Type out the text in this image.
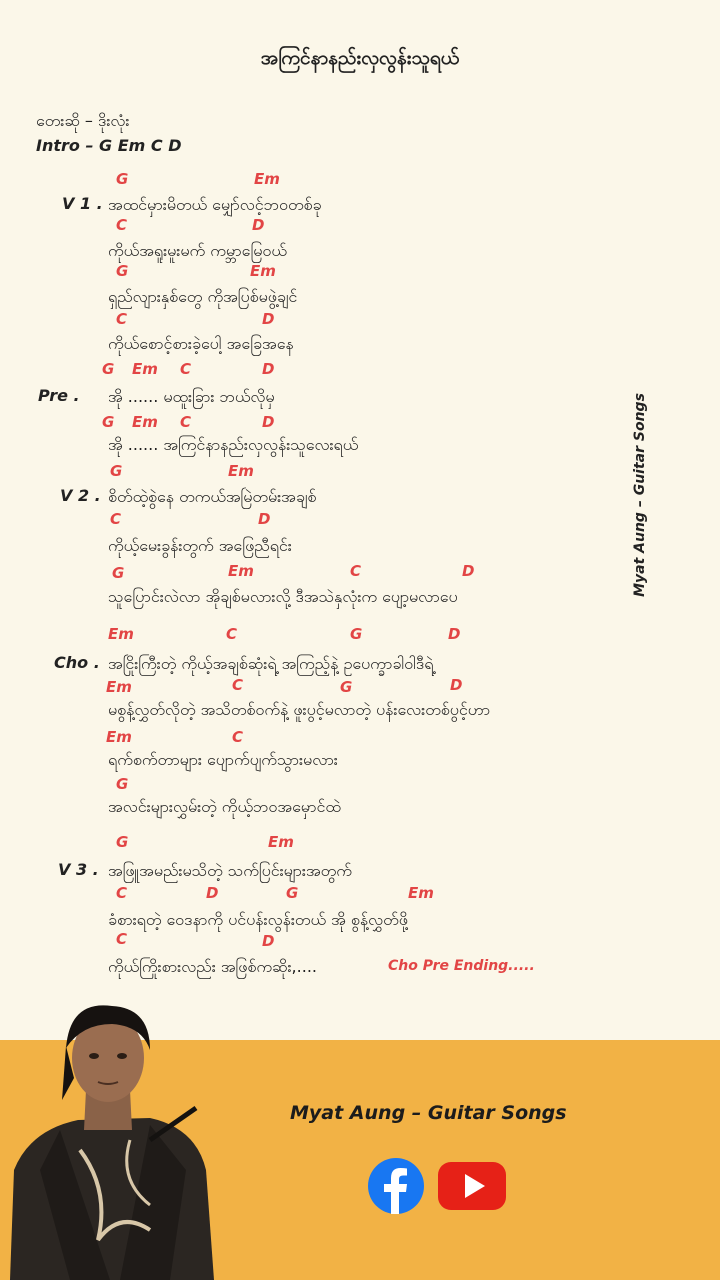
အကြင်နာနည်းလှလွန်းသူရယ်
တေးဆို – ဒိုးလုံး
Intro – G Em C D
G	Em
V 1 . အထင်မှားမိတယ် မျှော်လင့်ဘဝတစ်ခု
C	D
ကိုယ်အရူးမူးမက် ကမ္ဘာမြေဝယ်
G	Em
ရှည်လျားနှစ်တွေ ကိုအပြစ်မဖွဲ့ချင်
C	D
ကိုယ်စောင့်စားခဲ့ပေါ့ အခြေအနေ
G Em C	D
Pre . အို ...... မထူးခြား ဘယ်လိုမှ
G Em C	D
အို ...... အကြင်နာနည်းလှလွန်းသူလေးရယ်
G	Em
V 2 . စိတ်ထဲ့စွဲနေ တကယ်အမြဲတမ်းအချစ်
C	D
ကိုယ့်မေးခွန်းတွက် အဖြေညီရင်း
G	Em	C	D
သူပြောင်းလဲလာ အိုချစ်မလားလို့ ဒီအသဲနှလုံးက ပျော့မလာပေ
Em	C	G	D
Cho . အငြိုးကြီးတဲ့ ကိုယ့်အချစ်ဆုံးရဲ့ အကြည့်နဲ့ ဥပေက္ခာခါဝါဒီရဲ့
Em	C	G	D
မစွန့်လွှတ်လိုတဲ့ အသိတစ်ဝက်နဲ့ ဖူးပွင့်မလာတဲ့ ပန်းလေးတစ်ပွင့်ဟာ
Em	C
ရက်စက်တာများ ပျောက်ပျက်သွားမလား
G
အလင်းများလွှမ်းတဲ့ ကိုယ့်ဘဝအမှောင်ထဲ
G	Em
V 3 . အဖြူအမည်းမသိတဲ့ သက်ပြင်းများအတွက်
C	D	G	Em
ခံစားရတဲ့ ဝေဒနာကို ပင်ပန်းလွန်းတယ် အို စွန့်လွှတ်ဖို့
C	D
ကိုယ်ကြိုးစားလည်း အဖြစ်ကဆိုး,....	Cho Pre Ending.....
Myat Aung – Guitar Songs
Myat Aung – Guitar Songs
